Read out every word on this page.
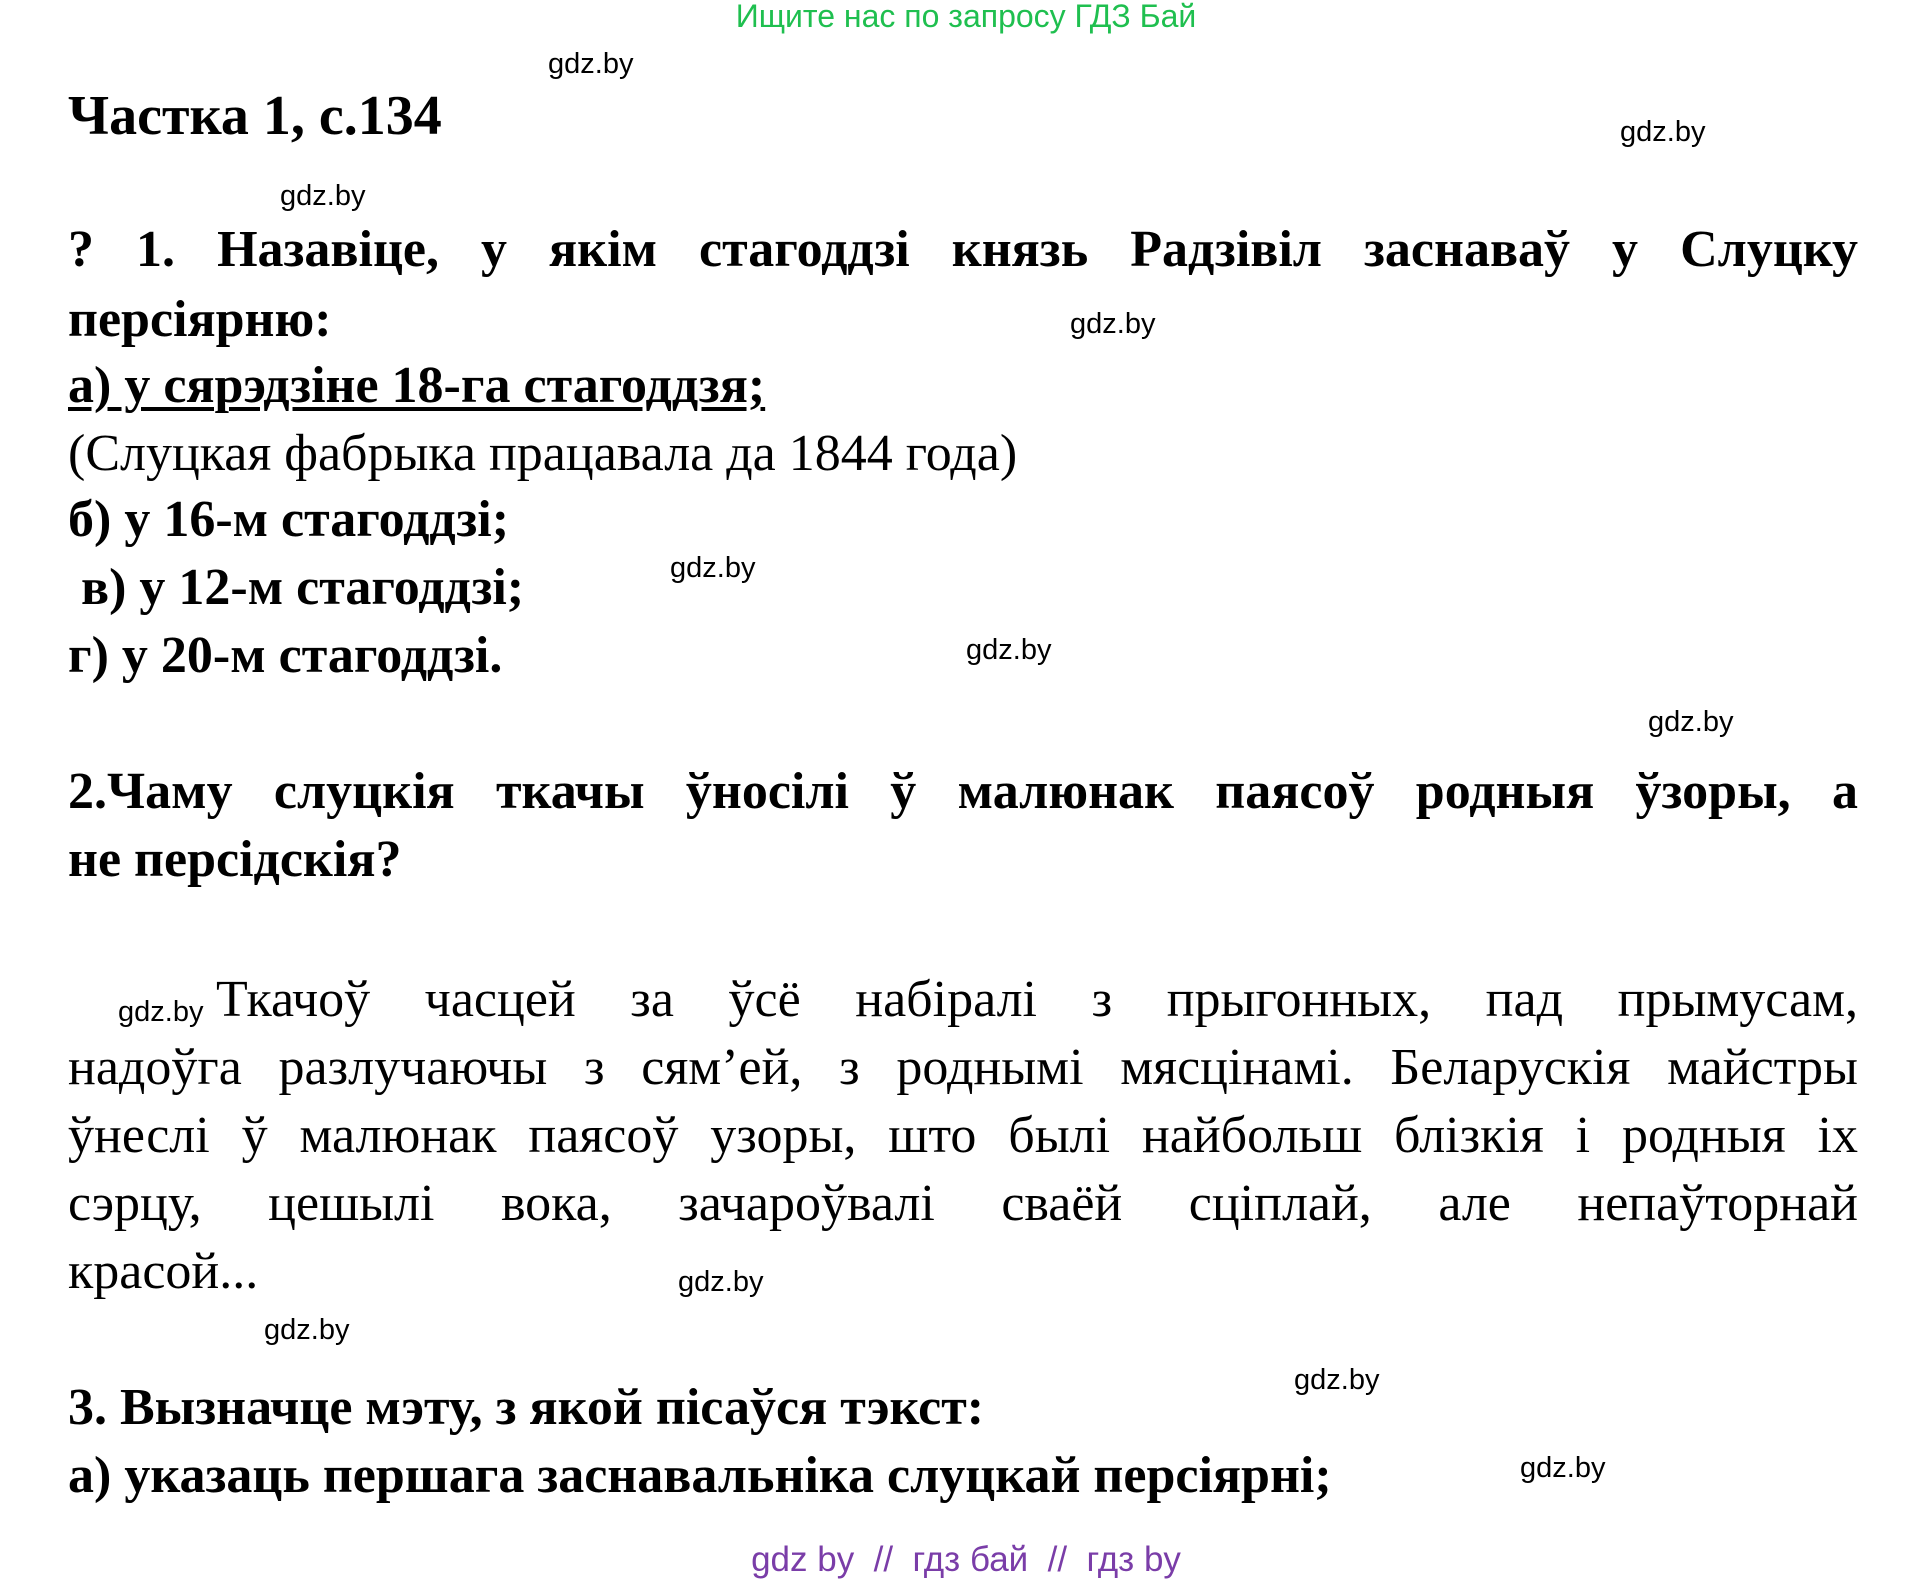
Ищите нас по запросу ГДЗ Бай
Частка 1, с.134
gdz.by
gdz.by
gdz.by
gdz.by
gdz.by
gdz.by
gdz.by
gdz.by
gdz.by
gdz.by
gdz.by
gdz.by
? 1. Назавіце, у якім стагоддзі князь Радзівіл заснаваў у Слуцку
персіярню:
а) у сярэдзіне 18-га стагоддзя;
(Слуцкая фабрыка працавала да 1844 года)
б) у 16-м стагоддзі;
в) у 12-м стагоддзі;
г) у 20-м стагоддзі.
2.Чаму слуцкія ткачы ўносілі ў малюнак паясоў родныя ўзоры, а
не персідскія?
Ткачоў часцей за ўсё набіралі з прыгонных, пад прымусам,
надоўга разлучаючы з сям’ей, з роднымі мясцінамі. Беларускія майстры
ўнеслі ў малюнак паясоў узоры, што былі найбольш блізкія і родныя іх
сэрцу, цешылі вока, зачароўвалі сваёй сціплай, але непаўторнай
красой...
3. Вызначце мэту, з якой пісаўся тэкст:
а) указаць першага заснавальніка слуцкай персіярні;
gdz by  //  гдз бай  //  гдз by
